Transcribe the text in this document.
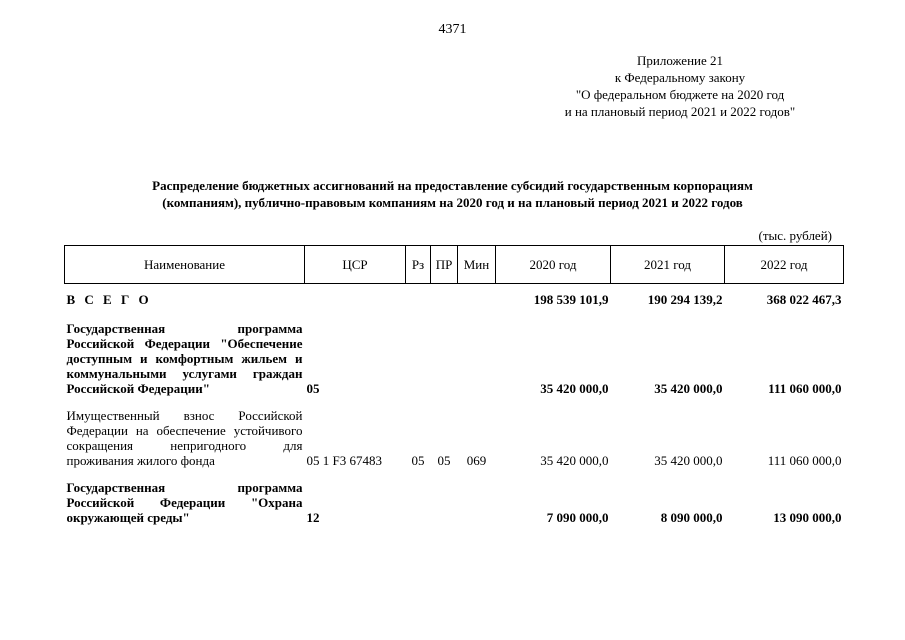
4371
Приложение 21
к Федеральному закону
"О федеральном бюджете на 2020 год
и на плановый период 2021 и 2022 годов"
Распределение бюджетных ассигнований на предоставление субсидий государственным корпорациям
(компаниям), публично-правовым компаниям на 2020 год и на плановый период 2021 и 2022 годов
(тыс. рублей)
Наименование	ЦСР	Рз	ПР	Мин	2020 год	2021 год	2022 год
В С Е Г О					198 539 101,9	190 294 139,2	368 022 467,3
Государственная программа Российской Федерации "Обеспечение доступным и комфортным жильем и коммунальными услугами граждан Российской Федерации"	05				35 420 000,0	35 420 000,0	111 060 000,0
Имущественный взнос Российской Федерации на обеспечение устойчивого сокращения непригодного для проживания жилого фонда	05 1 F3 67483	05	05	069	35 420 000,0	35 420 000,0	111 060 000,0
Государственная программа Российской Федерации "Охрана окружающей среды"	12				7 090 000,0	8 090 000,0	13 090 000,0
